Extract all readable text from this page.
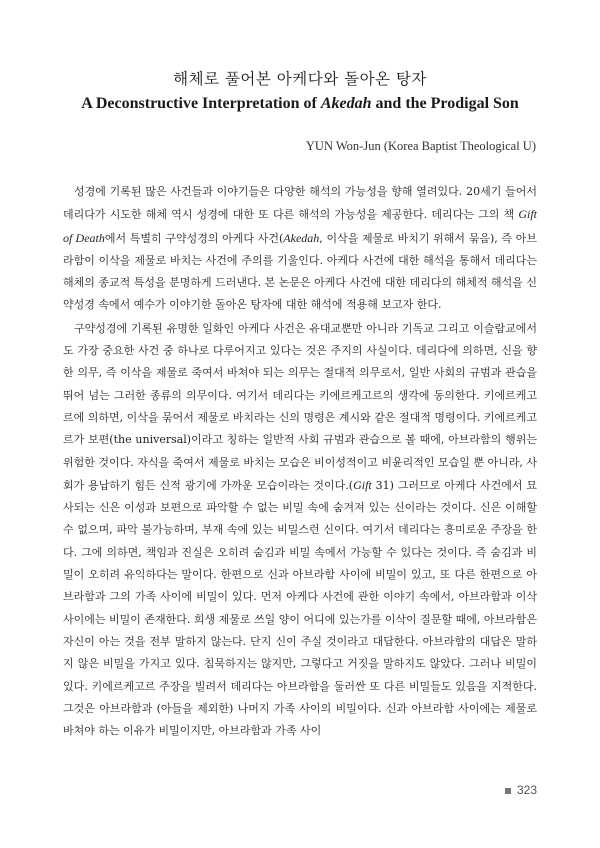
해체로 풀어본 아케다와 돌아온 탕자
A Deconstructive Interpretation of Akedah and the Prodigal Son
YUN Won-Jun (Korea Baptist Theological U)

성경에 기록된 많은 사건들과 이야기들은 다양한 해석의 가능성을 향해 열려있다. 20세기 들어서 데리다가 시도한 해체 역시 성경에 대한 또 다른 해석의 가능성을 제공한다. 데리다는 그의 책 Gift of Death에서 특별히 구약성경의 아케다 사건(Akedah, 이삭을 제물로 바치기 위해서 묶음), 즉 아브라함이 이삭을 제물로 바치는 사건에 주의를 기울인다. 아케다 사건에 대한 해석을 통해서 데리다는 해체의 종교적 특성을 분명하게 드러낸다. 본 논문은 아케다 사건에 대한 데리다의 해체적 해석을 신약성경 속에서 예수가 이야기한 돌아온 탕자에 대한 해석에 적용해 보고자 한다.

구약성경에 기록된 유명한 일화인 아케다 사건은 유대교뿐만 아니라 기독교 그리고 이슬람교에서도 가장 중요한 사건 중 하나로 다루어지고 있다는 것은 주지의 사실이다. 데리다에 의하면, 신을 향한 의무, 즉 이삭을 제물로 죽여서 바쳐야 되는 의무는 절대적 의무로서, 일반 사회의 규범과 관습을 뛰어 넘는 그러한 종류의 의무이다. 여기서 데리다는 키에르케고르의 생각에 동의한다. 키에르케고르에 의하면, 이삭을 묶어서 제물로 바치라는 신의 명령은 계시와 같은 절대적 명령이다. 키에르케고르가 보편(the universal)이라고 칭하는 일반적 사회 규범과 관습으로 볼 때에, 아브라함의 행위는 위험한 것이다. 자식을 죽여서 제물로 바치는 모습은 비이성적이고 비윤리적인 모습일 뿐 아니라, 사회가 용납하기 힘든 신적 광기에 가까운 모습이라는 것이다.(Gift 31) 그러므로 아케다 사건에서 묘사되는 신은 이성과 보편으로 파악할 수 없는 비밀 속에 숨겨져 있는 신이라는 것이다. 신은 이해할 수 없으며, 파악 불가능하며, 부재 속에 있는 비밀스런 신이다. 여기서 데리다는 흥미로운 주장을 한다. 그에 의하면, 책임과 진실은 오히려 숨김과 비밀 속에서 가능할 수 있다는 것이다. 즉 숨김과 비밀이 오히려 유익하다는 말이다. 한편으로 신과 아브라함 사이에 비밀이 있고, 또 다른 한편으로 아브라함과 그의 가족 사이에 비밀이 있다. 먼저 아케다 사건에 관한 이야기 속에서, 아브라함과 이삭 사이에는 비밀이 존재한다. 희생 제물로 쓰일 양이 어디에 있는가를 이삭이 질문할 때에, 아브라함은 자신이 아는 것을 전부 말하지 않는다. 단지 신이 주실 것이라고 대답한다. 아브라함의 대답은 말하지 않은 비밀을 가지고 있다. 침묵하지는 않지만, 그렇다고 거짓을 말하지도 않았다. 그러나 비밀이 있다. 키에르케고르 주장을 빌려서 데리다는 아브라함을 둘러싼 또 다른 비밀들도 있음을 지적한다. 그것은 아브라함과 (아들을 제외한) 나머지 가족 사이의 비밀이다. 신과 아브라함 사이에는 제물로 바쳐야 하는 이유가 비밀이지만, 아브라함과 가족 사이

323
